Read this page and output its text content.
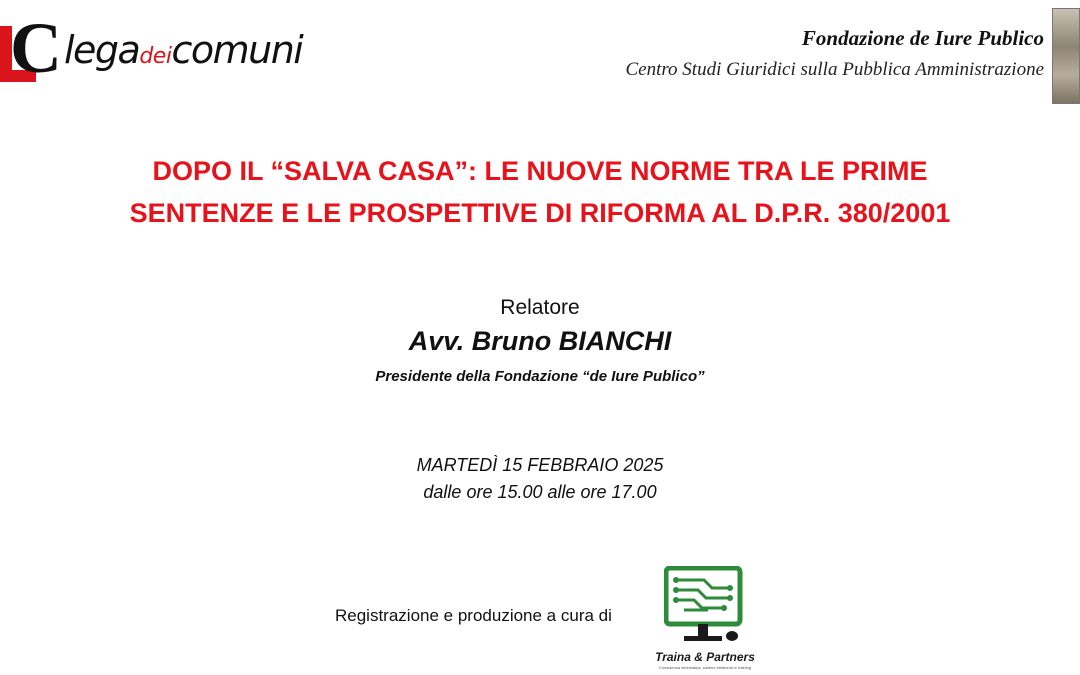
C legadeicomuni	Fondazione de Iure Publico
Centro Studi Giuridici sulla Pubblica Amministrazione
DOPO IL “SALVA CASA”: LE NUOVE NORME TRA LE PRIME
SENTENZE E LE PROSPETTIVE DI RIFORMA AL D.P.R. 380/2001
Relatore
Avv. Bruno BIANCHI
Presidente della Fondazione “de Iure Publico”
MARTEDÌ 15 FEBBRAIO 2025
dalle ore 15.00 alle ore 17.00
Registrazione e produzione a cura di
Traina & Partners
Consulenza informatica, sistemi elettronici e training
